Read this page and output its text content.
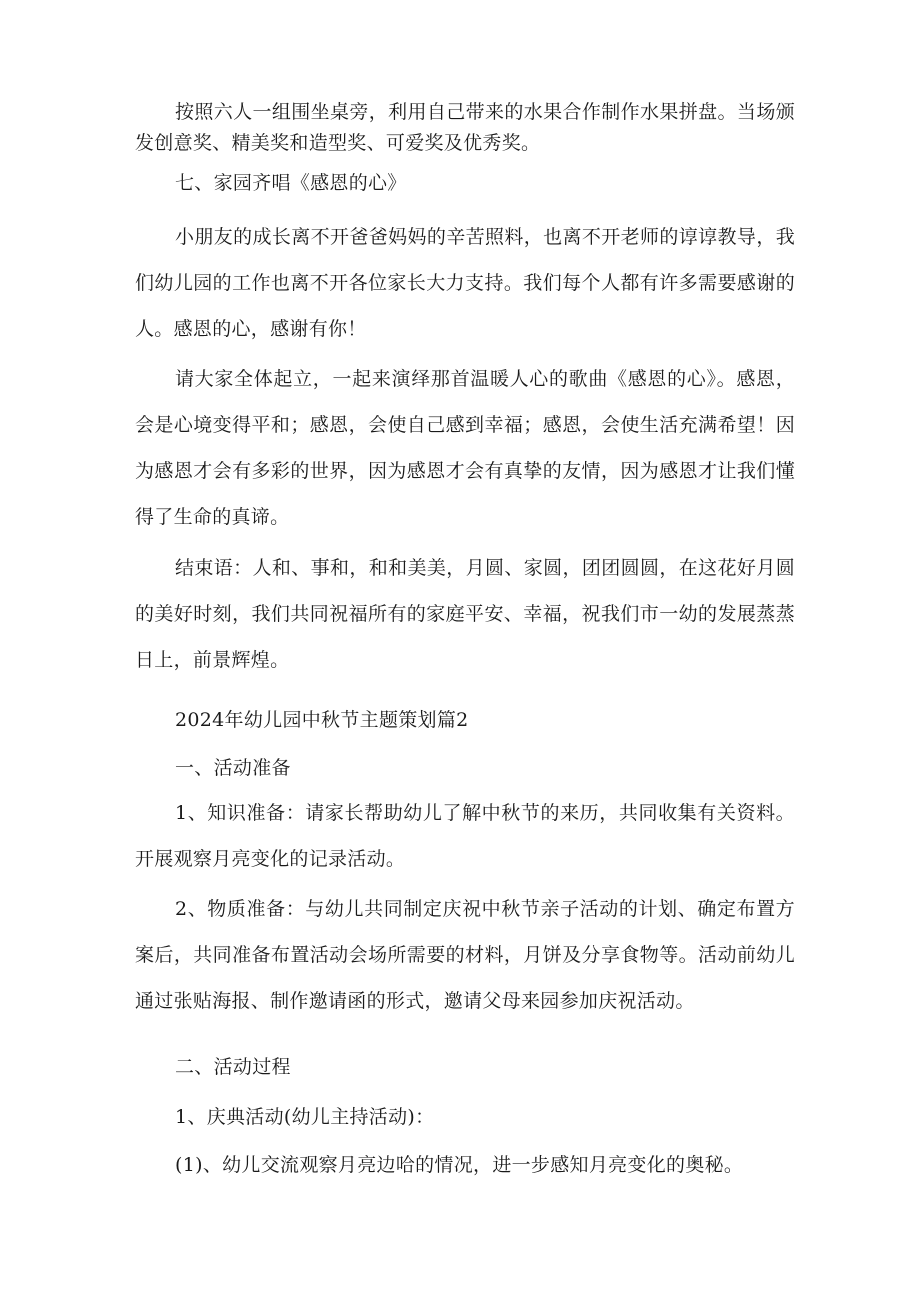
按照六人一组围坐桌旁，利用自己带来的水果合作制作水果拼盘。当场颁发创意奖、精美奖和造型奖、可爱奖及优秀奖。

七、家园齐唱《感恩的心》

小朋友的成长离不开爸爸妈妈的辛苦照料，也离不开老师的谆谆教导，我们幼儿园的工作也离不开各位家长大力支持。我们每个人都有许多需要感谢的人。感恩的心，感谢有你！

请大家全体起立，一起来演绎那首温暖人心的歌曲《感恩的心》。感恩，会是心境变得平和；感恩，会使自己感到幸福；感恩，会使生活充满希望！因为感恩才会有多彩的世界，因为感恩才会有真挚的友情，因为感恩才让我们懂得了生命的真谛。

结束语：人和、事和，和和美美，月圆、家圆，团团圆圆，在这花好月圆的美好时刻，我们共同祝福所有的家庭平安、幸福，祝我们市一幼的发展蒸蒸日上，前景辉煌。

2024年幼儿园中秋节主题策划篇2

一、活动准备

1、知识准备：请家长帮助幼儿了解中秋节的来历，共同收集有关资料。开展观察月亮变化的记录活动。

2、物质准备：与幼儿共同制定庆祝中秋节亲子活动的计划、确定布置方案后，共同准备布置活动会场所需要的材料，月饼及分享食物等。活动前幼儿通过张贴海报、制作邀请函的形式，邀请父母来园参加庆祝活动。

二、活动过程

1、庆典活动(幼儿主持活动)：

(1)、幼儿交流观察月亮边哈的情况，进一步感知月亮变化的奥秘。
